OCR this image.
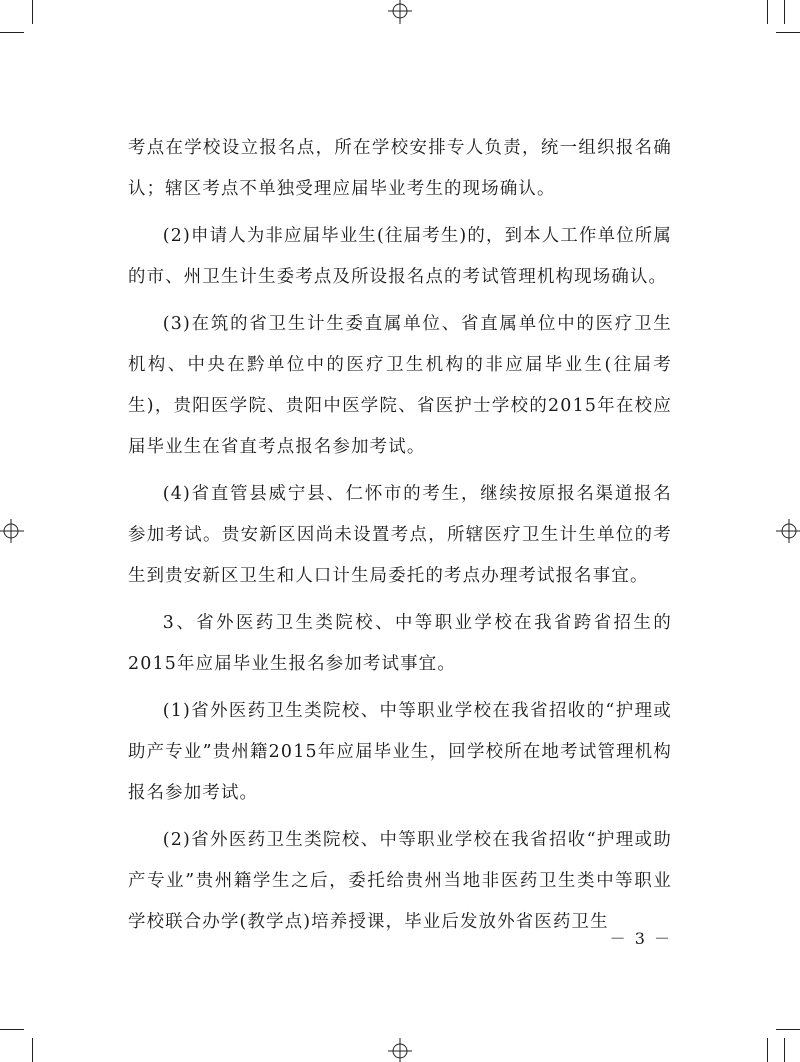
考点在学校设立报名点，所在学校安排专人负责，统一组织报名确认；辖区考点不单独受理应届毕业考生的现场确认。

(2)申请人为非应届毕业生(往届考生)的，到本人工作单位所属的市、州卫生计生委考点及所设报名点的考试管理机构现场确认。

(3)在筑的省卫生计生委直属单位、省直属单位中的医疗卫生机构、中央在黔单位中的医疗卫生机构的非应届毕业生(往届考生)，贵阳医学院、贵阳中医学院、省医护士学校的2015年在校应届毕业生在省直考点报名参加考试。

(4)省直管县威宁县、仁怀市的考生，继续按原报名渠道报名参加考试。贵安新区因尚未设置考点，所辖医疗卫生计生单位的考生到贵安新区卫生和人口计生局委托的考点办理考试报名事宜。

3、省外医药卫生类院校、中等职业学校在我省跨省招生的2015年应届毕业生报名参加考试事宜。

(1)省外医药卫生类院校、中等职业学校在我省招收的“护理或助产专业”贵州籍2015年应届毕业生，回学校所在地考试管理机构报名参加考试。

(2)省外医药卫生类院校、中等职业学校在我省招收“护理或助产专业”贵州籍学生之后，委托给贵州当地非医药卫生类中等职业学校联合办学(教学点)培养授课，毕业后发放外省医药卫生

－ 3 －
